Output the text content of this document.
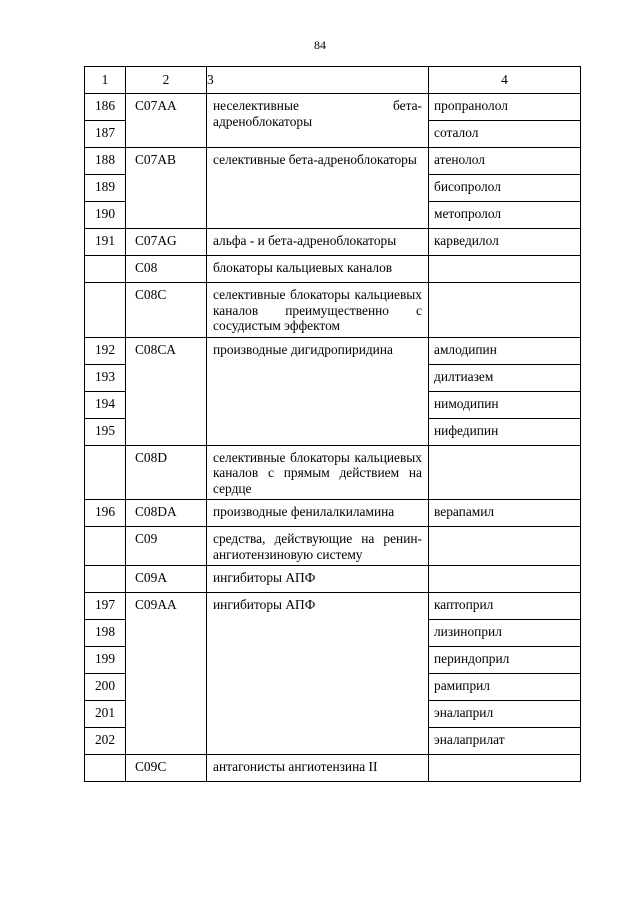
84
1	2	3	4
186	C07AA	неселективные бета-адреноблокаторы	пропранолол
187			соталол
188	C07AB	селективные бета-адреноблокаторы	атенолол
189			бисопролол
190			метопролол
191	C07AG	альфа - и бета-адреноблокаторы	карведилол
	C08	блокаторы кальциевых каналов	
	C08C	селективные блокаторы кальциевых каналов преимущественно с сосудистым эффектом	
192	C08CA	производные дигидропиридина	амлодипин
193			дилтиазем
194			нимодипин
195			нифедипин
	C08D	селективные блокаторы кальциевых каналов с прямым действием на сердце	
196	C08DA	производные фенилалкиламина	верапамил
	C09	средства, действующие на ренин-ангиотензиновую систему	
	C09A	ингибиторы АПФ	
197	C09AA	ингибиторы АПФ	каптоприл
198			лизиноприл
199			периндоприл
200			рамиприл
201			эналаприл
202			эналаприлат
	C09C	антагонисты ангиотензина II	
